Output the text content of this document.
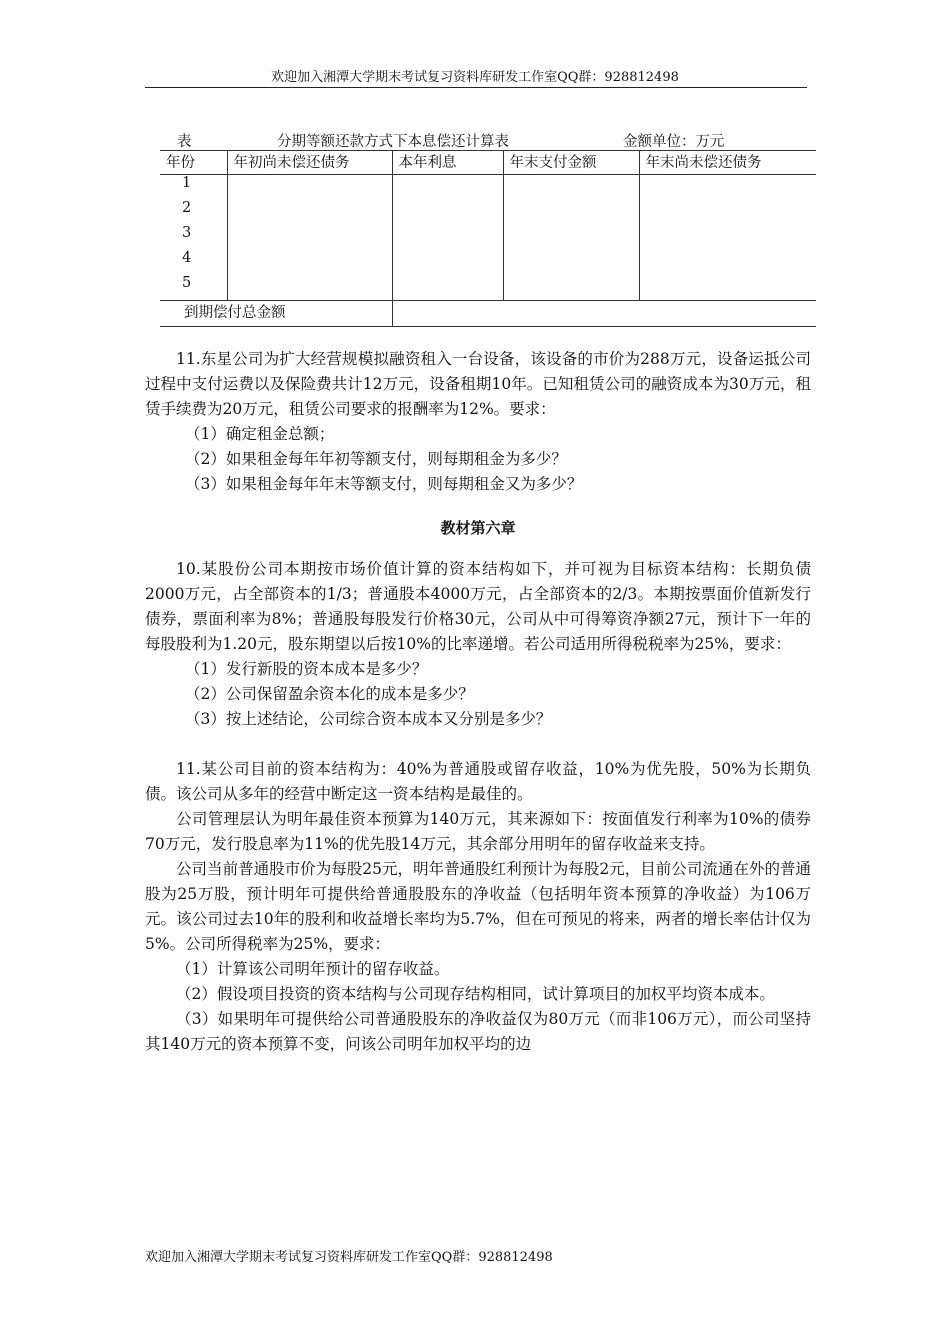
欢迎加入湘潭大学期末考试复习资料库研发工作室QQ群：928812498
表	分期等额还款方式下本息偿还计算表	金额单位：万元
年份	年初尚未偿还债务	本年利息	年末支付金额	年末尚未偿还债务
1				
2				
3				
4				
5				
到期偿付总金额				

11.东星公司为扩大经营规模拟融资租入一台设备，该设备的市价为288万元，设备运抵公司过程中支付运费以及保险费共计12万元，设备租期10年。已知租赁公司的融资成本为30万元，租赁手续费为20万元，租赁公司要求的报酬率为12%。要求：

（1）确定租金总额；

（2）如果租金每年年初等额支付，则每期租金为多少？

（3）如果租金每年年末等额支付，则每期租金又为多少？

教材第六章

10.某股份公司本期按市场价值计算的资本结构如下，并可视为目标资本结构：长期负债2000万元，占全部资本的1/3；普通股本4000万元，占全部资本的2/3。本期按票面价值新发行债券，票面利率为8%；普通股每股发行价格30元，公司从中可得筹资净额27元，预计下一年的每股股利为1.20元，股东期望以后按10%的比率递增。若公司适用所得税税率为25%，要求：

（1）发行新股的资本成本是多少？

（2）公司保留盈余资本化的成本是多少？

（3）按上述结论，公司综合资本成本又分别是多少？

11.某公司目前的资本结构为：40%为普通股或留存收益，10%为优先股，50%为长期负债。该公司从多年的经营中断定这一资本结构是最佳的。

公司管理层认为明年最佳资本预算为140万元，其来源如下：按面值发行利率为10%的债券70万元，发行股息率为11%的优先股14万元，其余部分用明年的留存收益来支持。

公司当前普通股市价为每股25元，明年普通股红利预计为每股2元，目前公司流通在外的普通股为25万股，预计明年可提供给普通股股东的净收益（包括明年资本预算的净收益）为106万元。该公司过去10年的股利和收益增长率均为5.7%，但在可预见的将来，两者的增长率估计仅为5%。公司所得税率为25%，要求：

（1）计算该公司明年预计的留存收益。

（2）假设项目投资的资本结构与公司现存结构相同，试计算项目的加权平均资本成本。

（3）如果明年可提供给公司普通股股东的净收益仅为80万元（而非106万元），而公司坚持其140万元的资本预算不变，问该公司明年加权平均的边

欢迎加入湘潭大学期末考试复习资料库研发工作室QQ群：928812498
